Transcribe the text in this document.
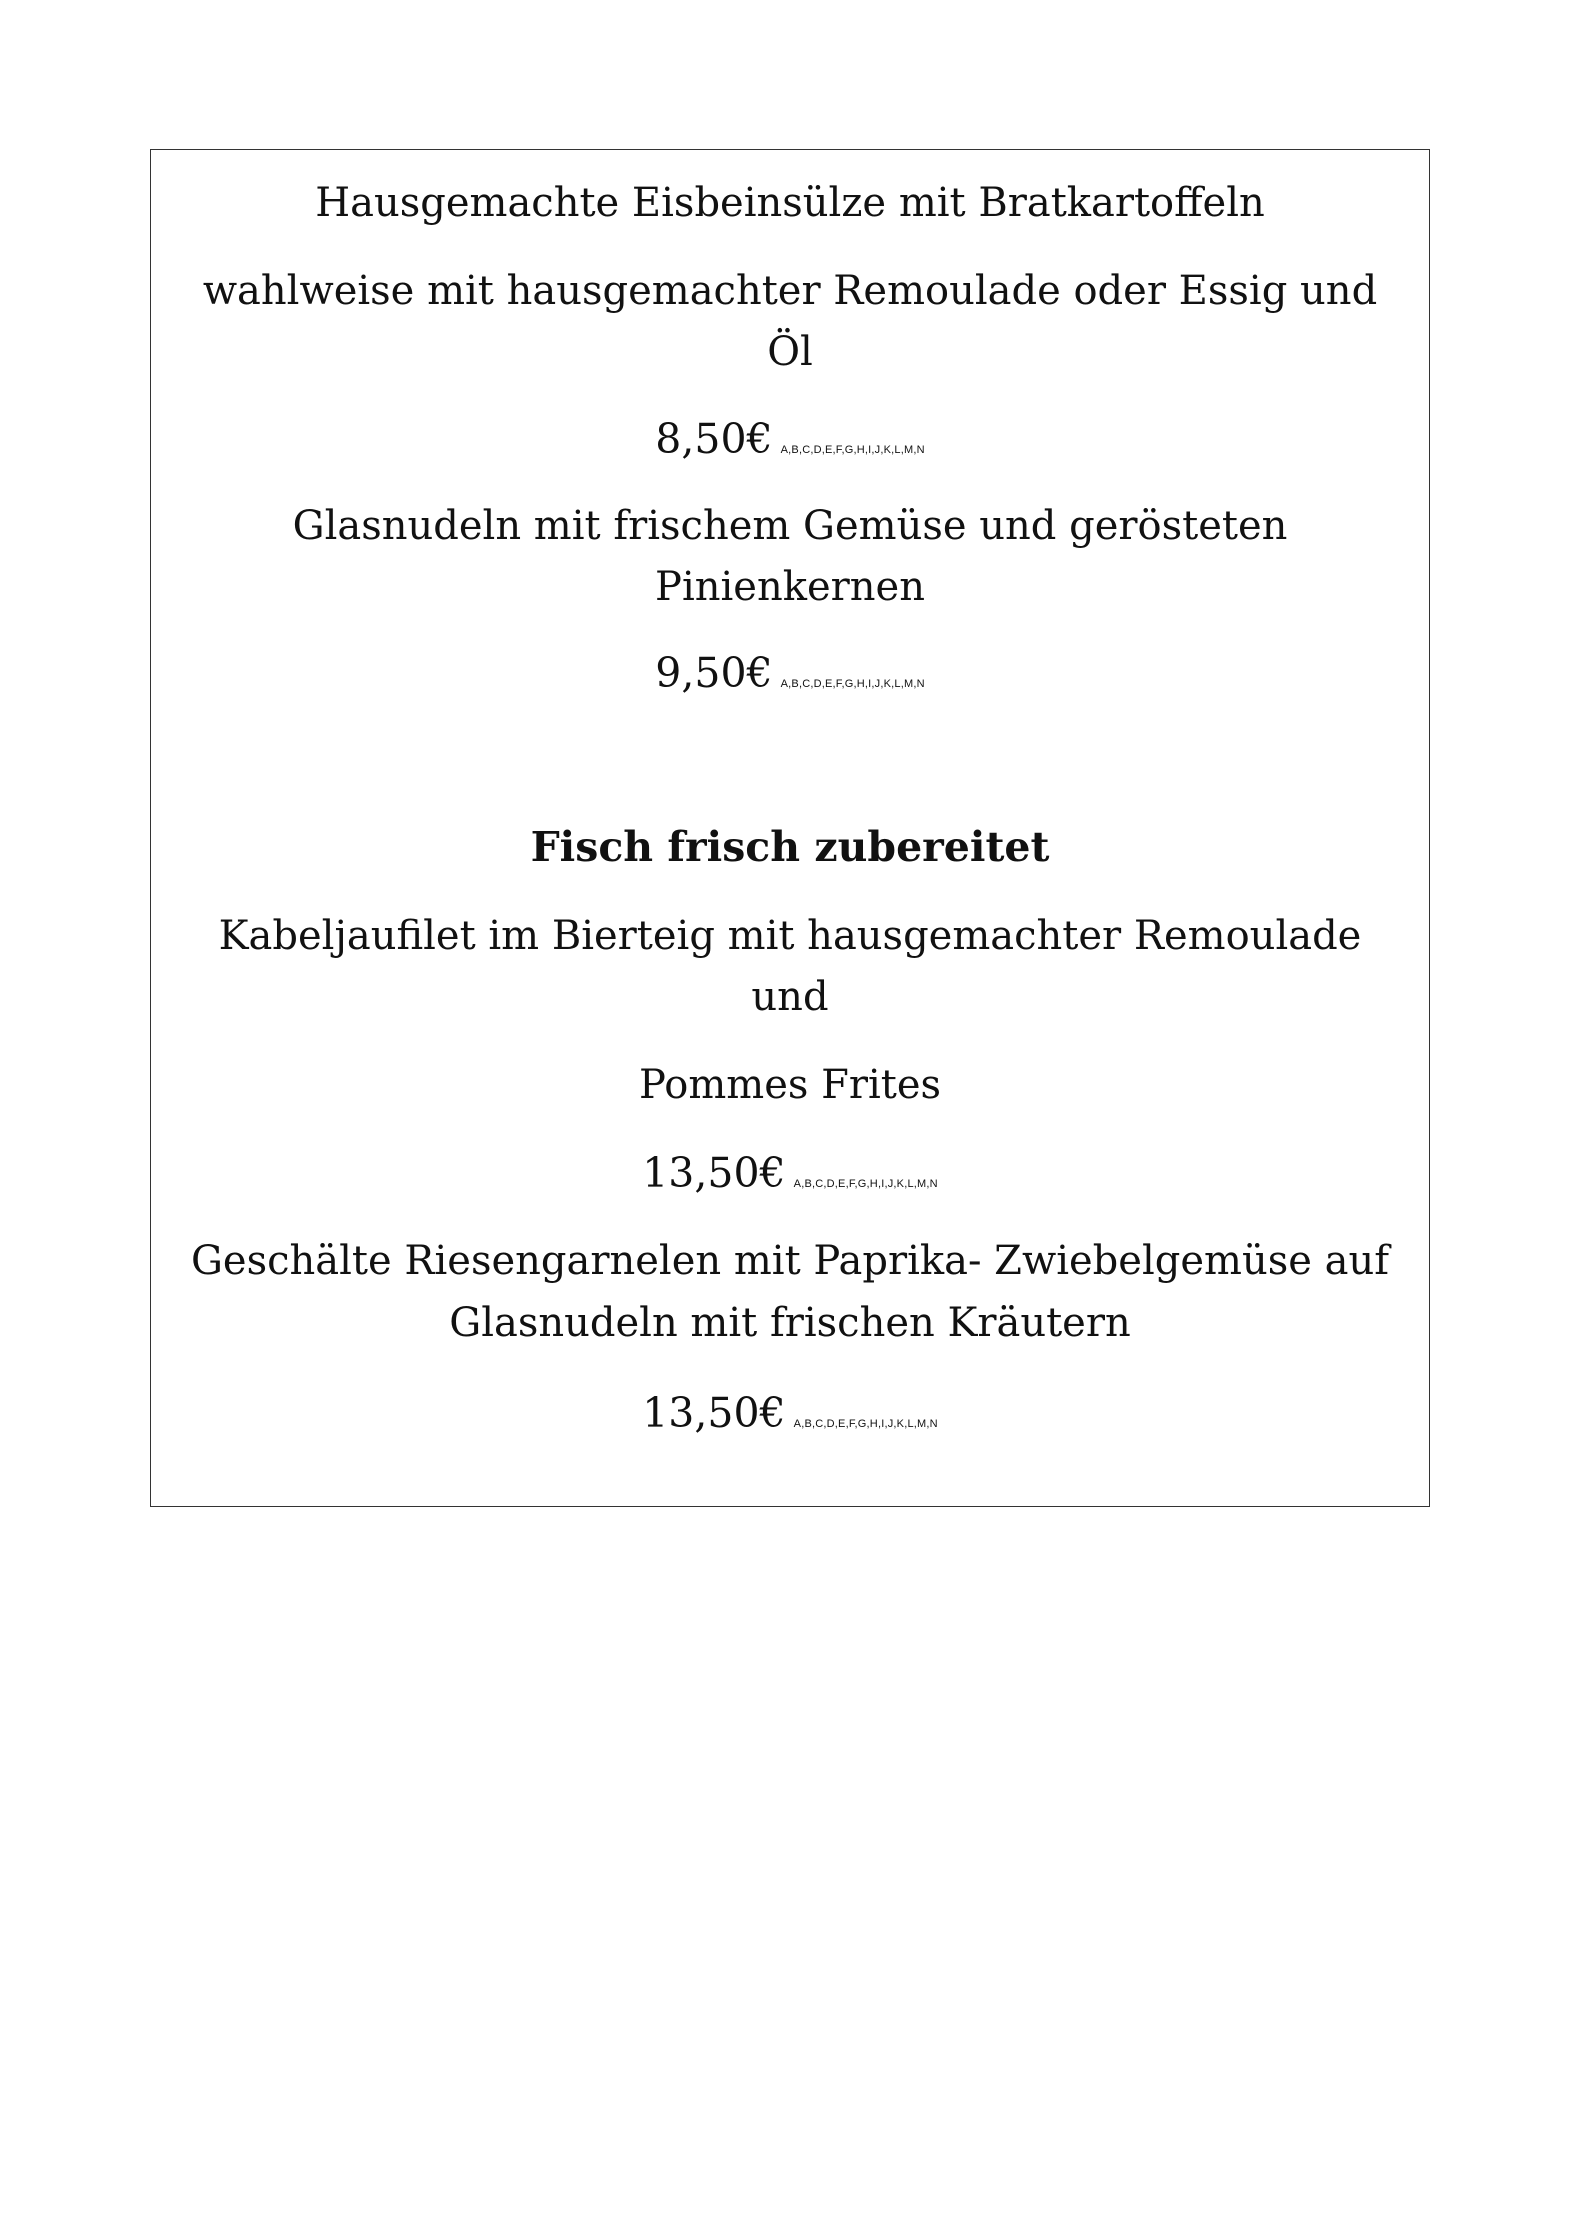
Hausgemachte Eisbeinsülze mit Bratkartoffeln
wahlweise mit hausgemachter Remoulade oder Essig und
Öl
8,50€ A,B,C,D,E,F,G,H,I,J,K,L,M,N
Glasnudeln mit frischem Gemüse und gerösteten
Pinienkernen
9,50€ A,B,C,D,E,F,G,H,I,J,K,L,M,N
Fisch frisch zubereitet
Kabeljaufilet im Bierteig mit hausgemachter Remoulade
und
Pommes Frites
13,50€ A,B,C,D,E,F,G,H,I,J,K,L,M,N
Geschälte Riesengarnelen mit Paprika- Zwiebelgemüse auf
Glasnudeln mit frischen Kräutern
13,50€ A,B,C,D,E,F,G,H,I,J,K,L,M,N
